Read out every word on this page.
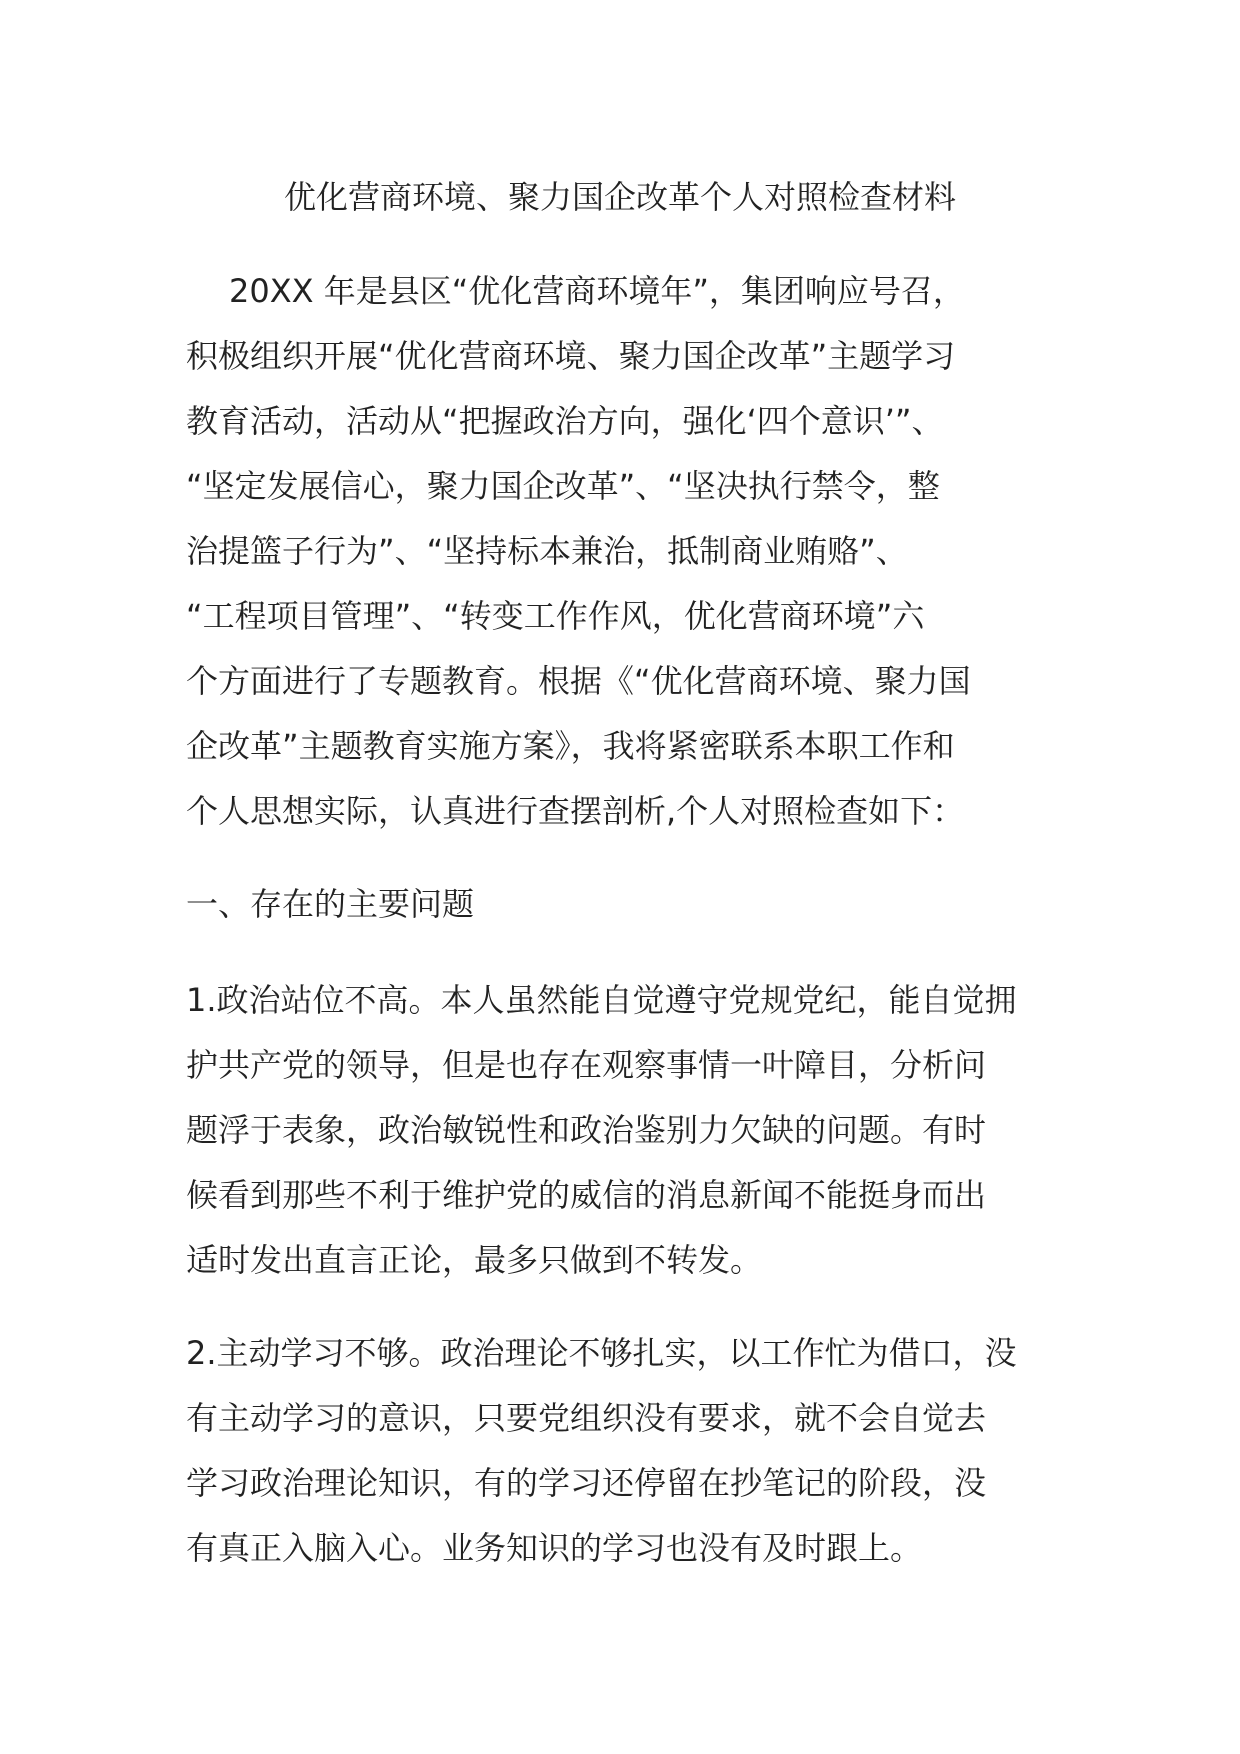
优化营商环境、聚力国企改革个人对照检查材料
20XX 年是县区“优化营商环境年”，集团响应号召，
积极组织开展“优化营商环境、聚力国企改革”主题学习
教育活动，活动从“把握政治方向，强化‘四个意识’”、
“坚定发展信心，聚力国企改革”、“坚决执行禁令，整
治提篮子行为”、“坚持标本兼治，抵制商业贿赂”、
“工程项目管理”、“转变工作作风，优化营商环境”六
个方面进行了专题教育。根据《“优化营商环境、聚力国
企改革”主题教育实施方案》，我将紧密联系本职工作和
个人思想实际，认真进行查摆剖析,个人对照检查如下：
一、存在的主要问题
1.政治站位不高。本人虽然能自觉遵守党规党纪，能自觉拥
护共产党的领导，但是也存在观察事情一叶障目，分析问
题浮于表象，政治敏锐性和政治鉴别力欠缺的问题。有时
候看到那些不利于维护党的威信的消息新闻不能挺身而出
适时发出直言正论，最多只做到不转发。
2.主动学习不够。政治理论不够扎实，以工作忙为借口，没
有主动学习的意识，只要党组织没有要求，就不会自觉去
学习政治理论知识，有的学习还停留在抄笔记的阶段，没
有真正入脑入心。业务知识的学习也没有及时跟上。
